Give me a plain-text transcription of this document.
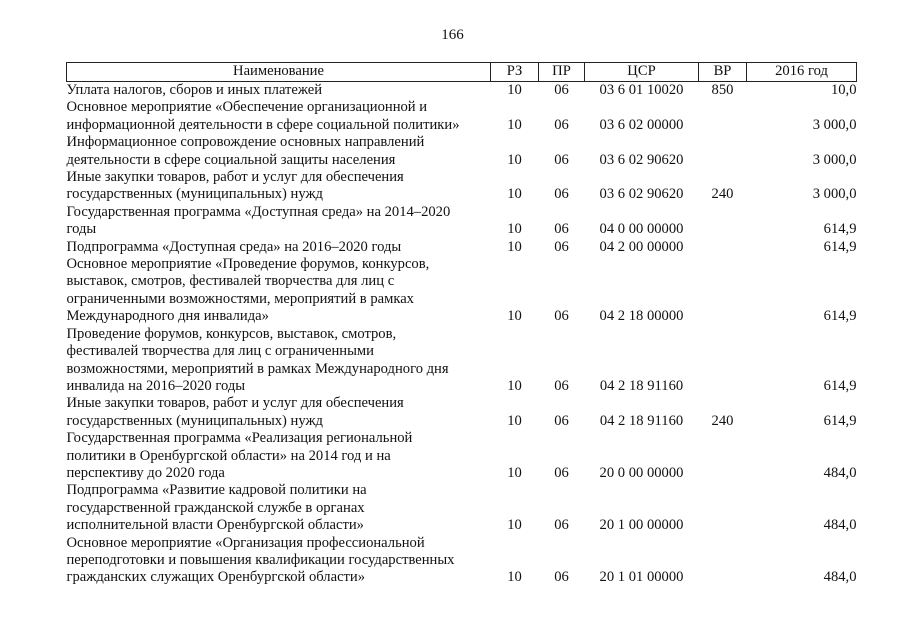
166
Наименование	РЗ	ПР	ЦСР	ВР	2016 год

Уплата налогов, сборов и иных платежей	10	06	03 6 01 10020	850	10,0

Основное мероприятие «Обеспечение организационной и
информационной деятельности в сфере социальной политики»	10	06	03 6 02 00000		3 000,0

Информационное сопровождение основных направлений
деятельности в сфере социальной защиты населения	10	06	03 6 02 90620		3 000,0

Иные закупки товаров, работ и услуг для обеспечения
государственных (муниципальных) нужд	10	06	03 6 02 90620	240	3 000,0

Государственная программа «Доступная среда» на 2014–2020
годы	10	06	04 0 00 00000		614,9

Подпрограмма «Доступная среда» на 2016–2020 годы	10	06	04 2 00 00000		614,9

Основное мероприятие «Проведение форумов, конкурсов,
выставок, смотров, фестивалей творчества для лиц с
ограниченными возможностями, мероприятий в рамках
Международного дня инвалида»	10	06	04 2 18 00000		614,9

Проведение форумов, конкурсов, выставок, смотров,
фестивалей творчества для лиц с ограниченными
возможностями, мероприятий в рамках Международного дня
инвалида на 2016–2020 годы	10	06	04 2 18 91160		614,9

Иные закупки товаров, работ и услуг для обеспечения
государственных (муниципальных) нужд	10	06	04 2 18 91160	240	614,9

Государственная программа «Реализация региональной
политики в Оренбургской области» на 2014 год и на
перспективу до 2020 года	10	06	20 0 00 00000		484,0

Подпрограмма «Развитие кадровой политики на
государственной гражданской службе в органах
исполнительной власти Оренбургской области»	10	06	20 1 00 00000		484,0

Основное мероприятие «Организация профессиональной
переподготовки и повышения квалификации государственных
гражданских служащих Оренбургской области»	10	06	20 1 01 00000		484,0
